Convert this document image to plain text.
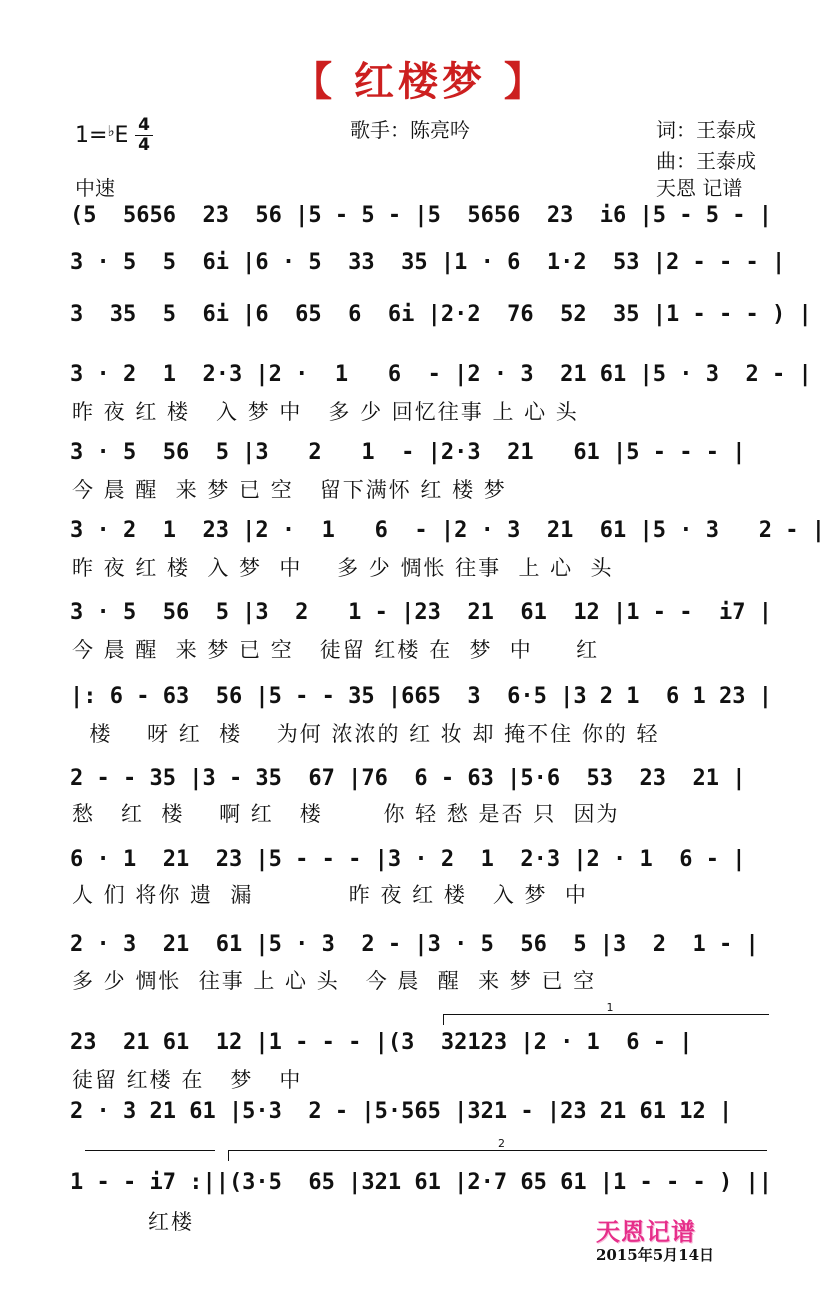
【 红楼梦 】
歌手：陈亮吟	词：王泰成
曲：王泰成
天恩 记谱
中速
1=♭E 4
4
(5  5656  23  56 |5 - 5 - |5  5656  23  i6 |5 - 5 - |
3 · 5  5  6i |6 · 5  33  35 |1 · 6  1·2  53 |2 - - - |
3  35  5  6i |6  65  6  6i |2·2  76  52  35 |1 - - - ) |
3 · 2  1  2·3 |2 ·  1   6  - |2 · 3  21 61 |5 · 3  2 - |
昨 夜 红 楼   入 梦 中   多 少 回忆往事 上 心 头
3 · 5  56  5 |3   2   1  - |2·3  21   61 |5 - - - |
今 晨 醒  来 梦 已 空   留下满怀 红 楼 梦
3 · 2  1  23 |2 ·  1   6  - |2 · 3  21  61 |5 · 3   2 - |
昨 夜 红 楼  入 梦  中    多 少 惆怅 往事  上 心  头
3 · 5  56  5 |3  2   1 - |23  21  61  12 |1 - -  i7 |
今 晨 醒  来 梦 已 空   徒留 红楼 在  梦  中     红
|: 6 - 63  56 |5 - - 35 |665  3  6·5 |3 2 1  6 1 23 |
楼    呀 红  楼    为何 浓浓的 红 妆 却 掩不住 你的 轻
2 - - 35 |3 - 35  67 |76  6 - 63 |5·6  53  23  21 |
愁   红  楼    啊 红   楼       你 轻 愁 是否 只  因为
6 · 1  21  23 |5 - - - |3 · 2  1  2·3 |2 · 1  6 - |
人 们 将你 遗  漏           昨 夜 红 楼   入 梦  中
2 · 3  21  61 |5 · 3  2 - |3 · 5  56  5 |3  2  1 - |
多 少 惆怅  往事 上 心 头   今 晨  醒  来 梦 已 空
1
23  21 61  12 |1 - - - |(3  32123 |2 · 1  6 - |
徒留 红楼 在   梦   中
2 · 3 21 61 |5·3  2 - |5·565 |321 - |23 21 61 12 |
2
1 - - i7 :||(3·5  65 |321 61 |2·7 65 61 |1 - - - ) ||
红楼	天恩记谱
2015年5月14日
